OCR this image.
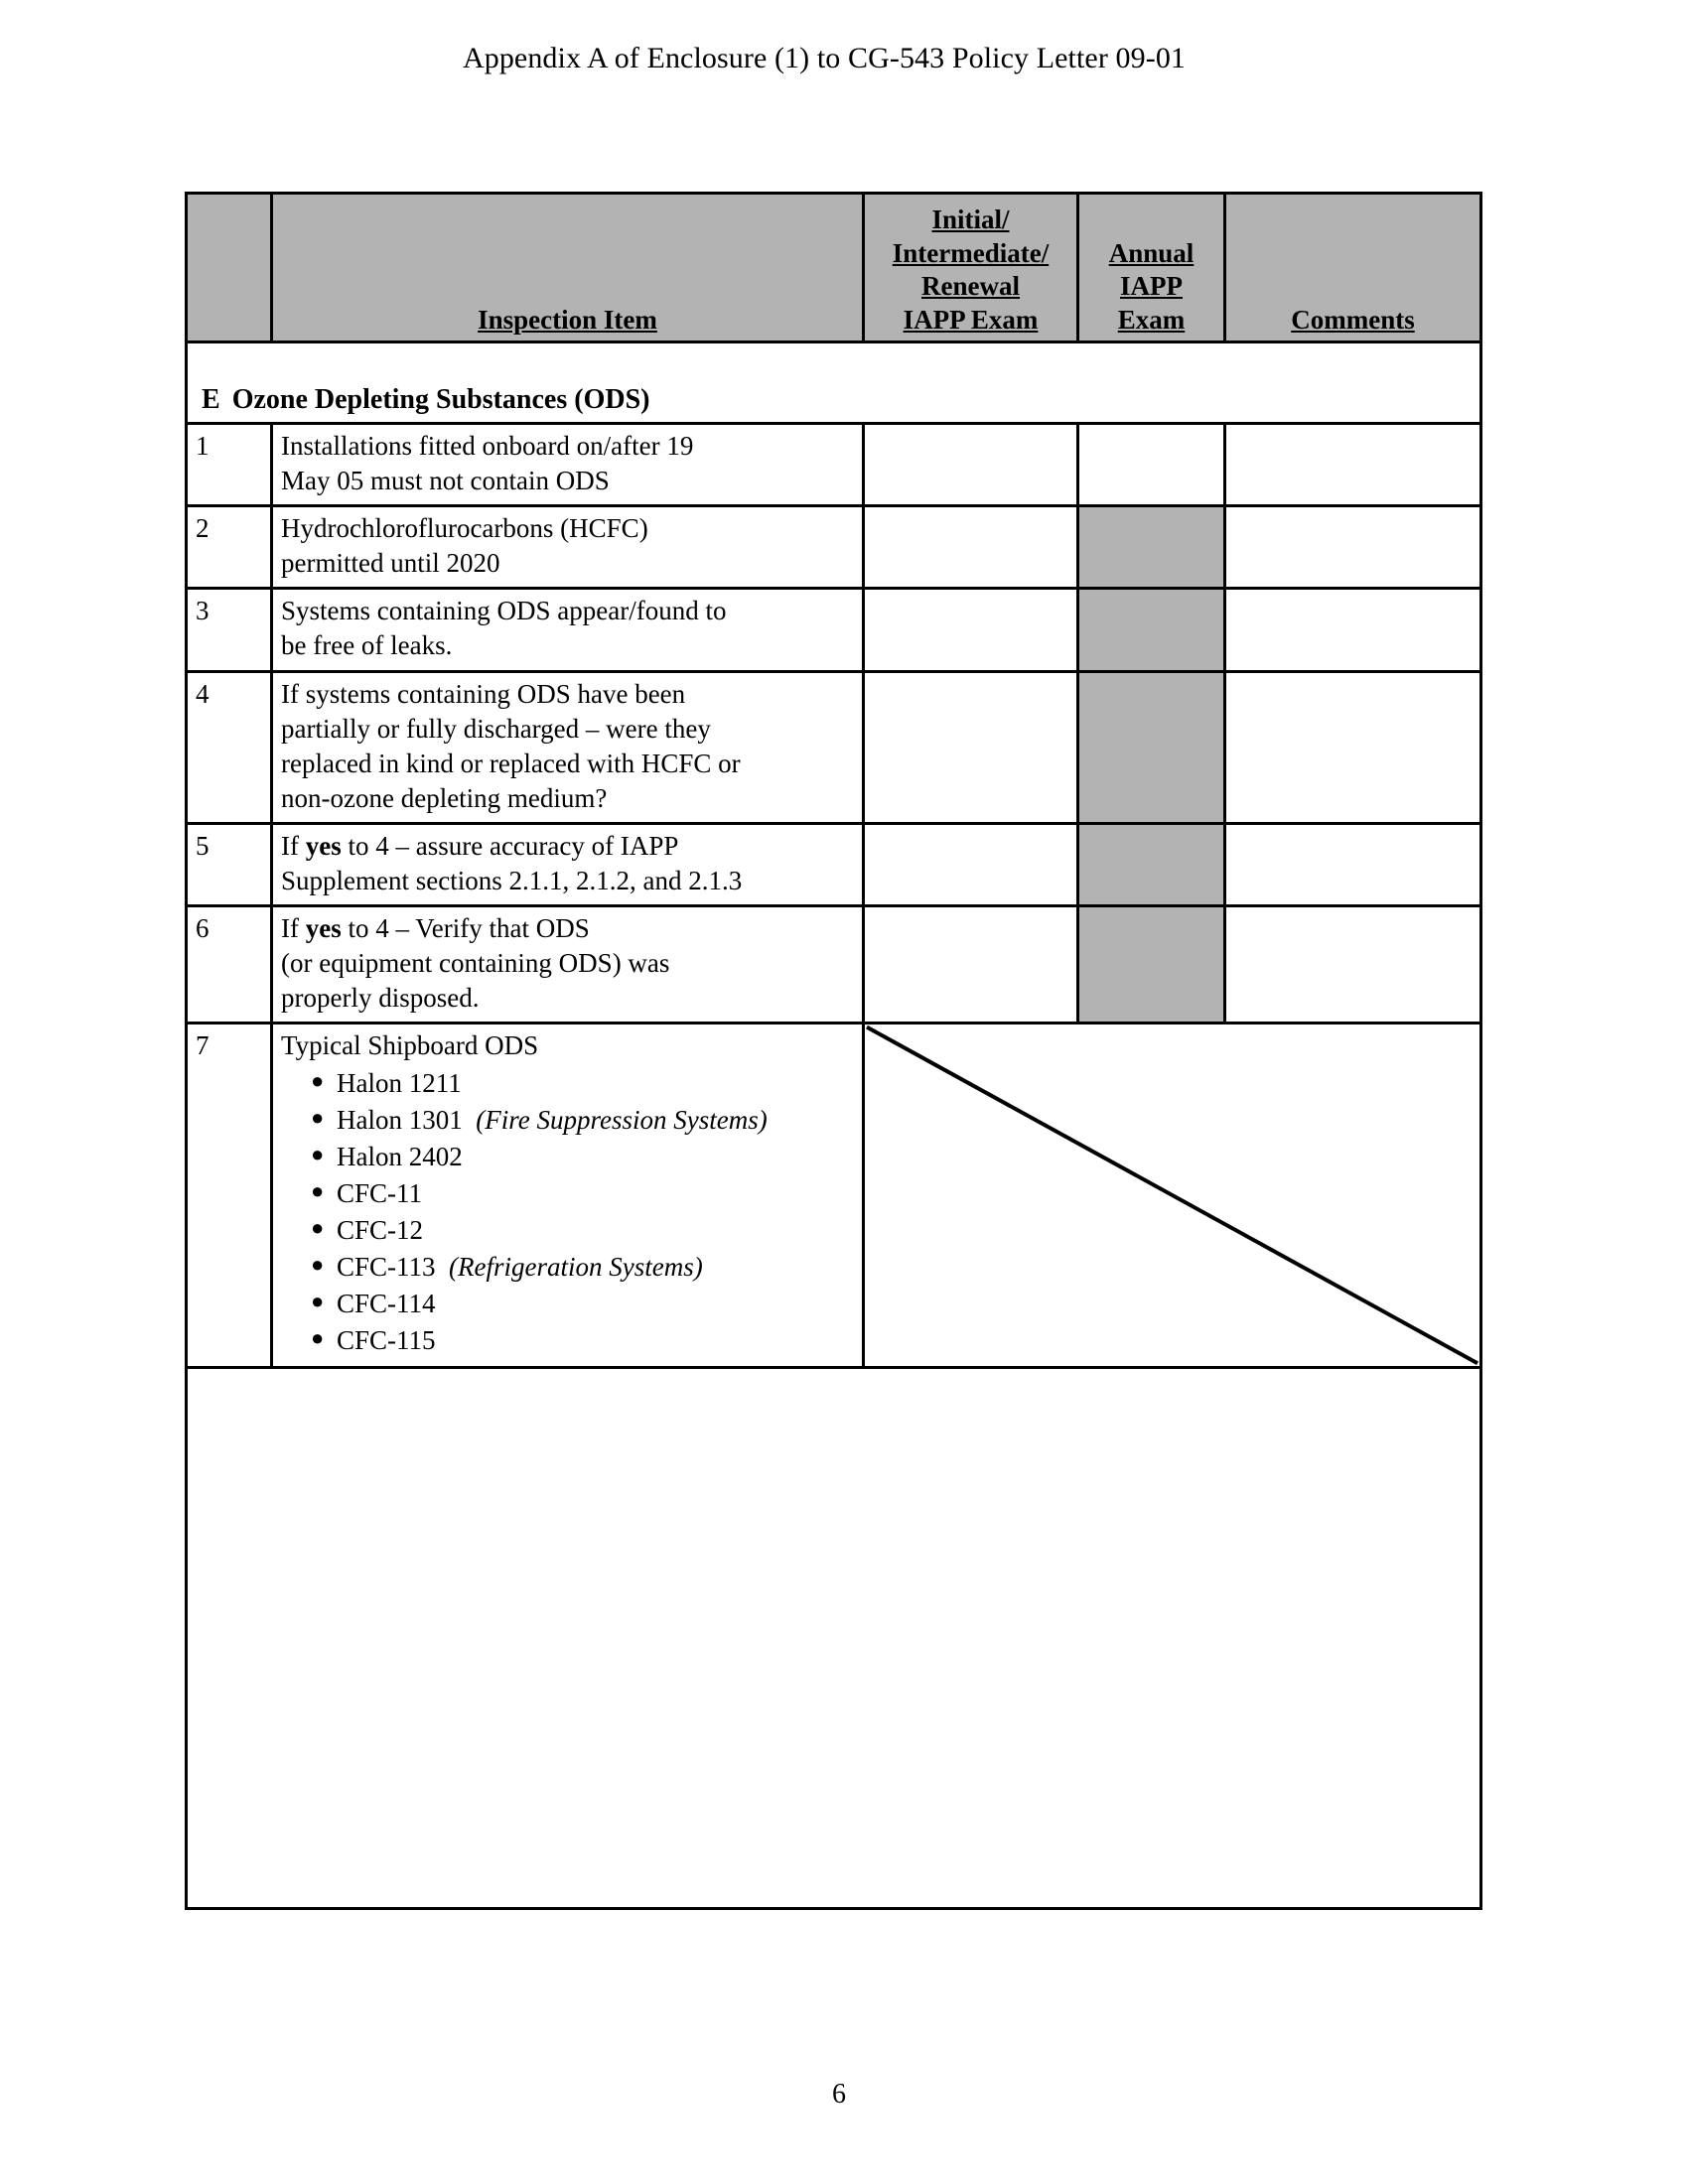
Appendix A of Enclosure (1) to CG-543 Policy Letter 09-01

	Inspection Item	Initial/
Intermediate/
Renewal
IAPP Exam	Annual
IAPP
Exam	Comments

E Ozone Depleting Substances (ODS)				
1	Installations fitted onboard on/after 19
May 05 must not contain ODS			

2	Hydrochloroflurocarbons (HCFC)
permitted until 2020			

3	Systems containing ODS appear/found to
be free of leaks.			

4	If systems containing ODS have been
partially or fully discharged – were they
replaced in kind or replaced with HCFC or
non-ozone depleting medium?			

5	If yes to 4 – assure accuracy of IAPP
Supplement sections 2.1.1, 2.1.2, and 2.1.3			

6	If yes to 4 – Verify that ODS
(or equipment containing ODS) was
properly disposed.			

7	Typical Shipboard ODS
● Halon 1211
● Halon 1301 (Fire Suppression Systems)
● Halon 2402
● CFC-11
● CFC-12
● CFC-113 (Refrigeration Systems)
● CFC-114
● CFC-115

6
